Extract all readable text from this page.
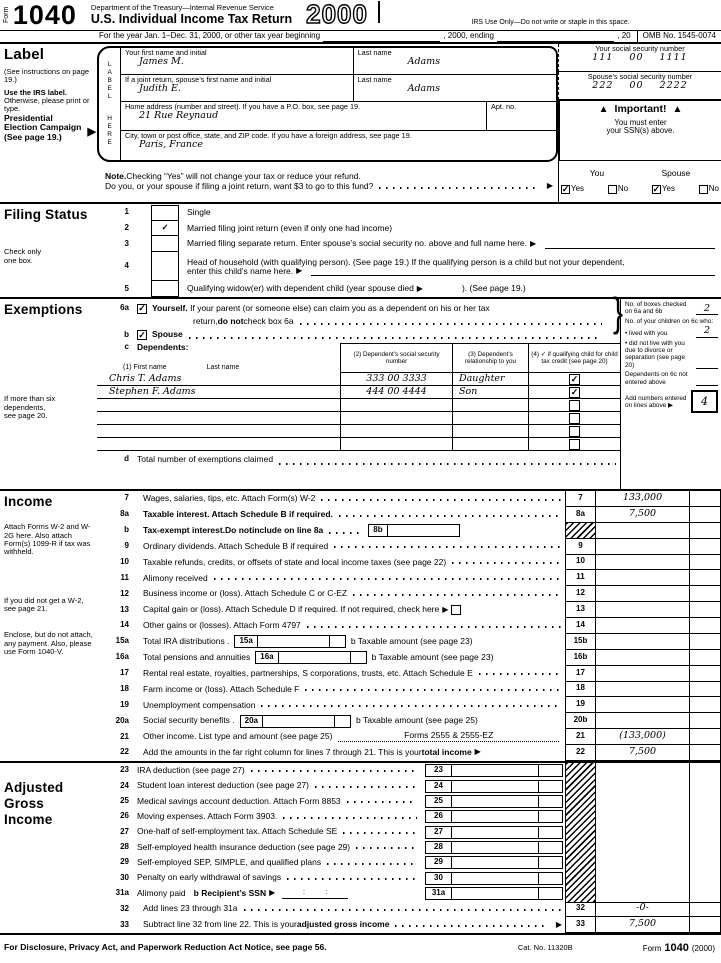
Form 1040 Department of the Treasury—Internal Revenue Service
U.S. Individual Income Tax Return 2000	IRS Use Only—Do not write or staple in this space.
For the year Jan. 1–Dec. 31, 2000, or other tax year beginning	, 2000, ending	, 20	OMB No. 1545-0074
Label
(See instructions on page 19.)
Use the IRS label. Otherwise, please print or type.
Presidential
Election Campaign
(See page 19.)	▶
LABEL
HERE
Your first name and initial
James M.
Last name
Adams
If a joint return, spouse’s first name and initial
Judith E.
Last name
Adams
Home address (number and street). If you have a P.O. box, see page 19.
21 Rue Reynaud
Apt. no.
City, town or post office, state, and ZIP code. If you have a foreign address, see page 19.
Paris, France
Note. Checking “Yes” will not change your tax or reduce your refund.
Do you, or your spouse if filing a joint return, want $3 to go to this fund?	▶
Your social security number
111 00 1111
Spouse’s social security number
222 00 2222
▲ Important! ▲
You must enter
your SSN(s) above.
You	Spouse
✓ Yes	No	✓ Yes	No
Filing Status
Check only
one box.
1	Single
2	✓	Married filing joint return (even if only one had income)
3	Married filing separate return. Enter spouse’s social security no. above and full name here. ▶
4	Head of household (with qualifying person). (See page 19.) If the qualifying person is a child but not your dependent,
enter this child’s name here. ▶
5	Qualifying widow(er) with dependent child (year spouse died ▶	). (See page 19.)
Exemptions
If more than six
dependents,
see page 20.
}
6a	✓ Yourself. If your parent (or someone else) can claim you as a dependent on his or her tax
return, do not check box 6a
b	✓ Spouse
c Dependents:
(1) First name	Last name
(2) Dependent’s social security number
(3) Dependent’s relationship to you
(4) ✓ if qualifying child for child tax credit (see page 20)
Chris T. Adams	333 00 3333	Daughter	✓
Stephen F. Adams	444 00 4444	Son	✓
d Total number of exemptions claimed
No. of boxes checked on 6a and 6b	2
No. of your children on 6c who:
• lived with you	2
• did not live with you due to divorce or separation (see page 20)
Dependents on 6c not entered above
Add numbers entered on lines above ▶	4
Income
Attach Forms W-2 and W-2G here. Also attach Form(s) 1099-R if tax was withheld.
If you did not get a W-2, see page 21.
Enclose, but do not attach, any payment. Also, please use Form 1040-V.
7	Wages, salaries, tips, etc. Attach Form(s) W-2	7	133,000
8a	Taxable interest. Attach Schedule B if required.	8a	7,500
b	Tax-exempt interest. Do not include on line 8a	8b
9	Ordinary dividends. Attach Schedule B if required	9
10	Taxable refunds, credits, or offsets of state and local income taxes (see page 22)	10
11	Alimony received	11
12	Business income or (loss). Attach Schedule C or C-EZ	12
13	Capital gain or (loss). Attach Schedule D if required. If not required, check here ▶	13
14	Other gains or (losses). Attach Form 4797	14
15a	Total IRA distributions .	15a	b Taxable amount (see page 23)	15b
16a	Total pensions and annuities	16a	b Taxable amount (see page 23)	16b
17	Rental real estate, royalties, partnerships, S corporations, trusts, etc. Attach Schedule E	17
18	Farm income or (loss). Attach Schedule F	18
19	Unemployment compensation	19
20a	Social security benefits .	20a	b Taxable amount (see page 25)	20b
21	Other income. List type and amount (see page 25)	Forms 2555 & 2555-EZ	21	(133,000)
22	Add the amounts in the far right column for lines 7 through 21. This is your total income ▶	22	7,500
Adjusted Gross Income
23 IRA deduction (see page 27)	23
24 Student loan interest deduction (see page 27)	24
25 Medical savings account deduction. Attach Form 8853	25
26 Moving expenses. Attach Form 3903.	26
27 One-half of self-employment tax. Attach Schedule SE	27
28 Self-employed health insurance deduction (see page 29)	28
29 Self-employed SEP, SIMPLE, and qualified plans	29
30 Penalty on early withdrawal of savings	30
31a Alimony paid b Recipient’s SSN ▶	:	:	31a
32	Add lines 23 through 31a	32	-0-
33	Subtract line 32 from line 22. This is your adjusted gross income	▶	33	7,500
For Disclosure, Privacy Act, and Paperwork Reduction Act Notice, see page 56.	Cat. No. 11320B	Form 1040 (2000)
